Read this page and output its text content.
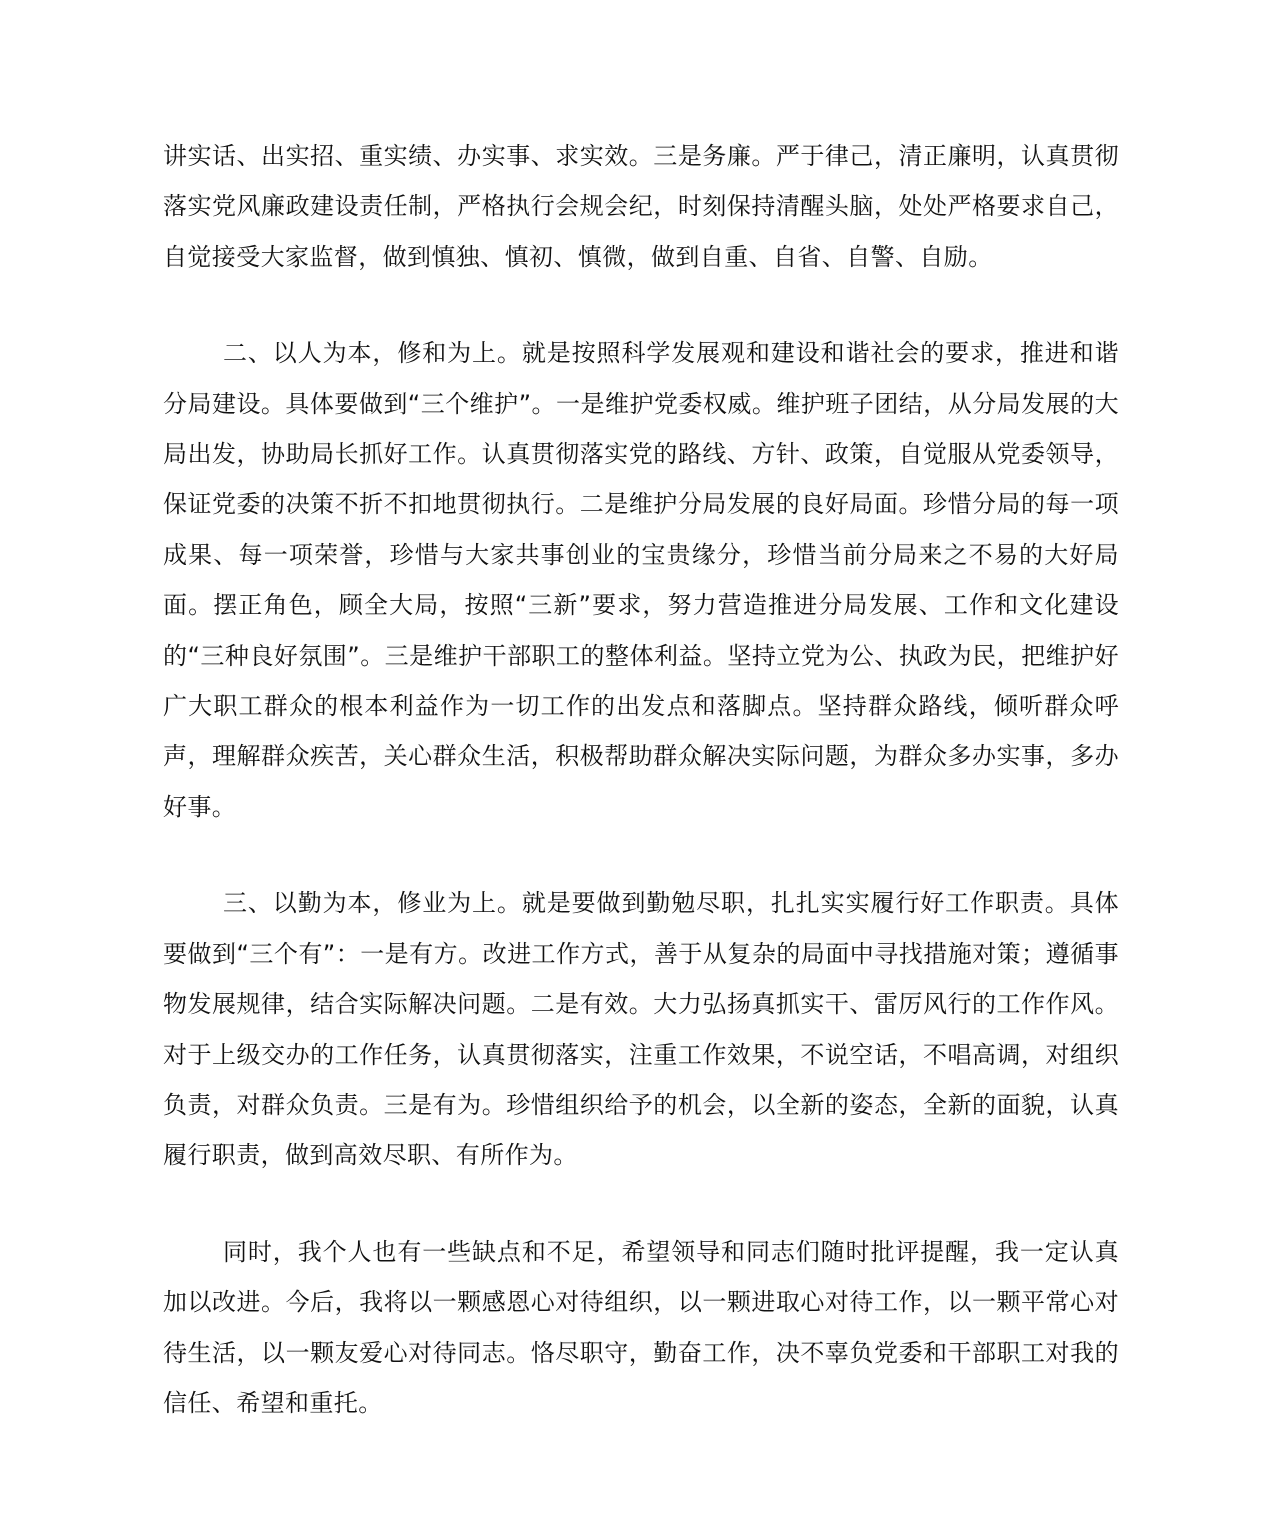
讲实话、出实招、重实绩、办实事、求实效。三是务廉。严于律己，清正廉明，认真贯彻落实党风廉政建设责任制，严格执行会规会纪，时刻保持清醒头脑，处处严格要求自己，自觉接受大家监督，做到慎独、慎初、慎微，做到自重、自省、自警、自励。

二、以人为本，修和为上。就是按照科学发展观和建设和谐社会的要求，推进和谐分局建设。具体要做到“三个维护”。一是维护党委权威。维护班子团结，从分局发展的大局出发，协助局长抓好工作。认真贯彻落实党的路线、方针、政策，自觉服从党委领导，保证党委的决策不折不扣地贯彻执行。二是维护分局发展的良好局面。珍惜分局的每一项成果、每一项荣誉，珍惜与大家共事创业的宝贵缘分，珍惜当前分局来之不易的大好局面。摆正角色，顾全大局，按照“三新”要求，努力营造推进分局发展、工作和文化建设的“三种良好氛围”。三是维护干部职工的整体利益。坚持立党为公、执政为民，把维护好广大职工群众的根本利益作为一切工作的出发点和落脚点。坚持群众路线，倾听群众呼声，理解群众疾苦，关心群众生活，积极帮助群众解决实际问题，为群众多办实事，多办好事。

三、以勤为本，修业为上。就是要做到勤勉尽职，扎扎实实履行好工作职责。具体要做到“三个有”：一是有方。改进工作方式，善于从复杂的局面中寻找措施对策；遵循事物发展规律，结合实际解决问题。二是有效。大力弘扬真抓实干、雷厉风行的工作作风。对于上级交办的工作任务，认真贯彻落实，注重工作效果，不说空话，不唱高调，对组织负责，对群众负责。三是有为。珍惜组织给予的机会，以全新的姿态，全新的面貌，认真履行职责，做到高效尽职、有所作为。

同时，我个人也有一些缺点和不足，希望领导和同志们随时批评提醒，我一定认真加以改进。今后，我将以一颗感恩心对待组织，以一颗进取心对待工作，以一颗平常心对待生活，以一颗友爱心对待同志。恪尽职守，勤奋工作，决不辜负党委和干部职工对我的信任、希望和重托。
